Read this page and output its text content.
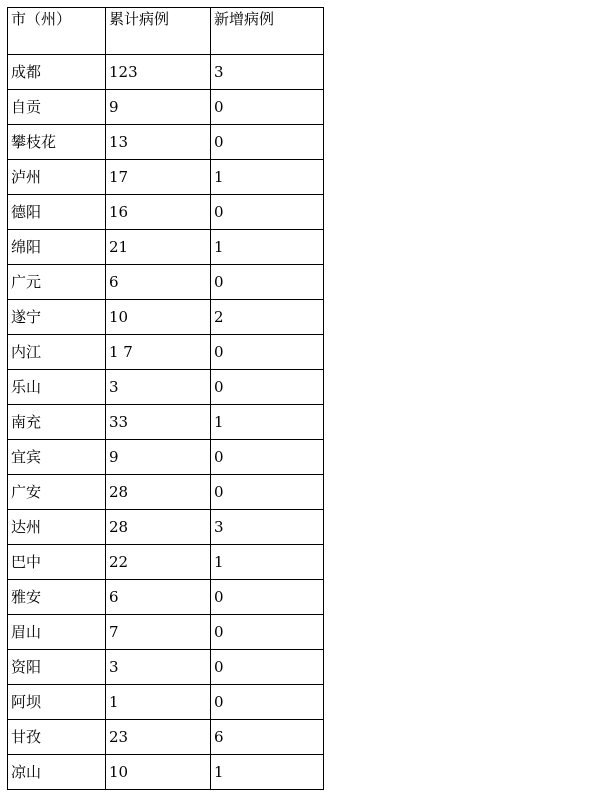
市（州）	累计病例	新增病例
成都	123	3
自贡	9	0
攀枝花	13	0
泸州	17	1
德阳	16	0
绵阳	21	1
广元	6	0
遂宁	10	2
内江	1 7	0
乐山	3	0
南充	33	1
宜宾	9	0
广安	28	0
达州	28	3
巴中	22	1
雅安	6	0
眉山	7	0
资阳	3	0
阿坝	1	0
甘孜	23	6
凉山	10	1
